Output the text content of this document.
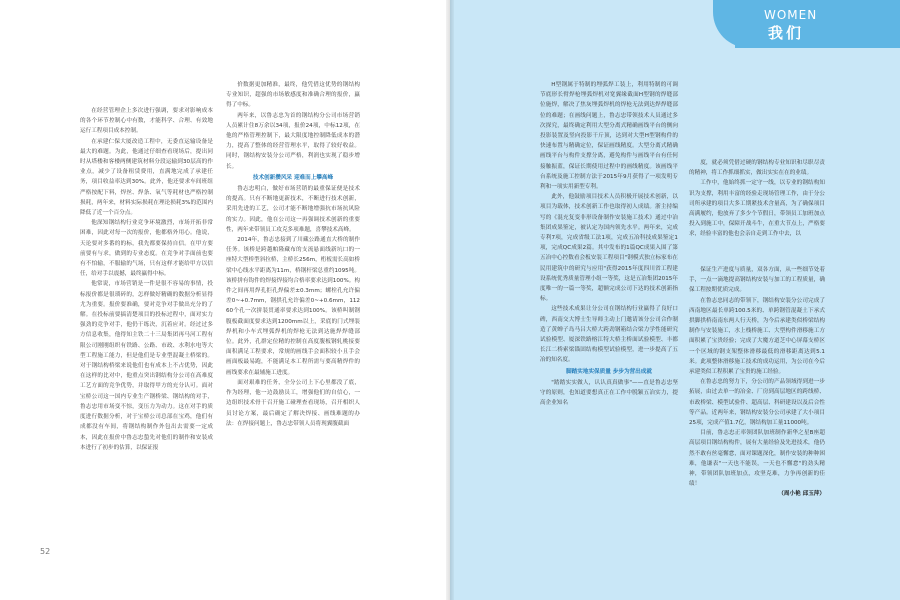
WOMEN
我们

在经营管理企上多次进行强调，要求对影响成本的各个环节控制心中有数，才能科学、合理、有效地运行工程项目成本控制。

在承建仁保大厦改造工程中，无委直运输设备是最大的难题。为此，他通过仔细查看现场后，提出同时从塔楼和客楼两侧建筑材料分段运输到30层高的作业点，减少了设备租赁费用，直满地完成了承建任务，项目收益率达到30%。此外，他还要求车间班组严格按配下料，焊丝、焊条、氧气等耗材也严格控制损耗，两年来，材料实际损耗在理论损耗3%的范围内降低了近一个百分点。

他深知钢结构行业竞争环境激烈，市场开拓非常困难，因此对每一次的报价，他都格外用心。他说，天论要对多番的的标，我先都要保持自信。在甲方要前要有与求，做到的专业态度。在竞争对手面前也要有不怕输，不服输的气场，只有这样才能给甲方以信任，给对手以震撼，最终赢得中标。

他常说，市场营销是一件是很不容易的事情，投标报价都是很琐碎的，怎样做好精确的数据分析显得尤为重要。报价要准确，要对竞争对手做出充分的了解。在投标前要搞清楚项目的投标过程中，面对实力强劲的竞争对手，他仍干练决，沉着应对。经过过多方信息收集，他得知主铁二十三局集团再马河工程有限公司刚刚组织有铁路、公路、市政、水利水电等大型工程施工能力，但是他们是专业型混凝土桥梁的。对于钢结构桥梁来说他们也有成本上不占优势，因此在这样的比对中，他重点突出钢结构分公司在高难度工艺方面的竞争优势，并取得甲方的充分认可。面对宝桥公司这一国内专业生产钢桥梁、钢结构的对手，鲁志忠用市场变不惊，变压力为动力。这在对手的质度进行数据分析，对于宝桥公司总部在宝鸡，他们有成都没有车间，将钢结构制作外包出去需要一定成本，因此在报价中鲁志忠蛰先对他们的制作和安装成本进行了初步的估算，以保证报

价数据更加精准，最终，他凭借这优势的钢结构专业知识，超强的市场敏感度和准确合理的报价，赢得了中标。

两年来，以鲁志忠为首的钢结构分公司市场营销人员累计住8万余以34项，报价24项，中标12项，在他的严格管理控制下，最大限度地控制降低成本的潜力，提高了整体的经营管理水平，取得了较好收益。同时，钢结构安装分公司严格，利润也实现了稳步增长。

技术创新攒风采 迎难而上攀高峰

鲁志忠明白，做好市场营销的最重保证便是技术的提高。只有不断地更新技术，不断进行技术创新，采用先进的工艺，公司才能不断地增强抗市场抗风险的实力。因此，他在公司这一再强调技术创新的重要性，两年来带领员工攻克多项难题，喜攀技术高峰。

2014年，鲁志忠接到了川藏公路通直大桥的制作任务。该桥是跨越帕隆藏布的支流悬面线新坑口的一座特大型桥型斜拉桥，主桥长256m，桁板需长高如桥梁中心线水平距离为11m，桥钢杆梁总重约1095吨。该桥拼有钩件的焊接焊接均合格率要求达到100%。构件之间再用焊孔拒孔焊偏差±0.3mm；螺栓孔允许偏差0~+0.7mm，钢拱孔允许偏差0~+0.6mm，11260个孔一次拼装贯通率要求达到100%。该桥叫制钢腹板截面度要求达到1200mm以上，采底的门式埋装焊机和小车式埋弧焊机的焊枪无法到达施焊焊缝部位。此外，孔群定位精的控制在高度腹板钢轧桃接要面积满足工程要求，常规的画线手会面积较小且手会画面板最易跑，不能满足本工程所需与要高精焊件的画线要求在最辅施工进度。

面对艰难的任务，全分公司上下心里都没了底，作为经理，他一边鼓励员工，增强他们的自信心，一边组织技术骨干召开施工碰理查看现场，召开相织人员讨论方案，最后确定了解决焊接、画线难题的办法：在焊接问题上，鲁志忠带领人员将现翼腹截面

H型钢属于特制的埋弧焊工装上，利用特制的可调节底形长臂焊枪埋弧焊机对宽翼缘截面H型钢的焊缝部位施焊，解决了焦灰埋弧焊机的焊枪无法到达焊焊缝部位的难题；在画线问题上，鲁志忠带领技术人员通过多次探究，最终确定利用大型分离式精确画线平台的侧向投影装置及竖向投影干斤顶，达到对大型H型钢构件的快速布置与精确定位，保证画线精度。大型分离式精确画线平台与构件支撑分离，避免构件与画线平台有任何接触振蓝，保证长期使用过程中的画线精度。该画线平台系统及施工控制方法于2015年9月获得了一项发明专利和一项实用新型专利。

此外，他鼓励项目技术人员积极开展技术创新，以项目为载体，技术创新工作也取得初人成绩。浙主持编写的《混充复变非形设备制作安装施工技术》通过中冶集团成果鉴定，被认定为国内领先水平。两年来，完成专利7项，完成省级工法1项，完成五冶科技成果鉴定1项，完成QC成果2篇。其中发布的1篇QC成果入围了第五冶中心控数看会板安装工程项目"钢模式独立标家布在民用建筑中的研究与应用"获得2015年度四川省工程建设系统优秀质量管理小组一等奖，这是五冶集团2015年度唯一的一篇一等奖，超额完成公司下达的技术创新指标。

这些技术成果让分公司在钢结构行业赢得了良好口碑，西南交大博士生导师主动上门邀请该分公司合作制造了黄蝉子岛马吕大桥大跨劲钢箱结合梁力学性能研究试验模型、厦深铁路榕江特大桥主桥面试验模型、丰都长江二桥索梁锚固结构模型试验模型，进一步提高了五冶的知名度。

脚踏实地实保质量 步步为营出成就

"踏踏实实做人，认认真真做事"——直是鲁志忠坚守的原则，也知道要想真正在工作中脱颖五冶实力，提高企业知名

度，就必须凭借过硬的钢结构专业知识和尽职尽责的精神，将工作抓细抓实，做出实实在在的业绩。

工作中，他始终抓一定守一线，以专业的钢结构知识为支撑，利用丰富的经验走现场管理工作，由于分公司所承建的项目大多工期紧技术含量高，为了确保项目高满履约，他放弃了多少个节假日，带领员工加班加点投入到施工中，保障开战斗牛，在重大节点上，严格要求，经验丰富的他也会亲自走到工作中去，以

保证生产进度与质量，双各方面，从一些细节处着手，一点一滴地提高钢结构安装与加工的工程质量，确保工程按期优质完成。

在鲁志忠同志的带领下，钢结构安装分公司完成了西南地区最长单跨100.5米的、单跨钢管混凝土下承式拱脚拱桥南南东两人行天桥，为今后承建类似桥梁结构制作与安装施工，水上栈桥施工、大型构件滑移施工方面积累了宝贵经验；完成了大魔方道芝中心屏幕支桥区一个区域的钢支架整体滑移最低的滑移距离达到5.1米。此项整体滑移施工技术的成功运用，为公司在今后承建类似工程积累了宝贵的施工经验。

在鲁志忠的努力下，分公司的产品领域得到进一步拓展，由过去单一的冶金、厂房到高层地区的跨线桥、市政桥梁、模型试验件、超高层、科研建设以及后合性等产品。近两年来，钢结构安装分公司承建了大小项目25项，完成产值1.7亿，钢结构加工量11000吨。

目前，鲁志忠正率领团队加班制作新华之星B座超高层项目钢结构构件，展有大量经验及先进技术，他仍然不敢有丝毫懈怠，面对课题深化，制作安装的种种困难，他谦表"一天也不能误，一天也不懈怠"的劲头精神，带领团队加班加点，攻坚克难，力争再创新的佳绩！

（周小艳 邱玉萍）

52
